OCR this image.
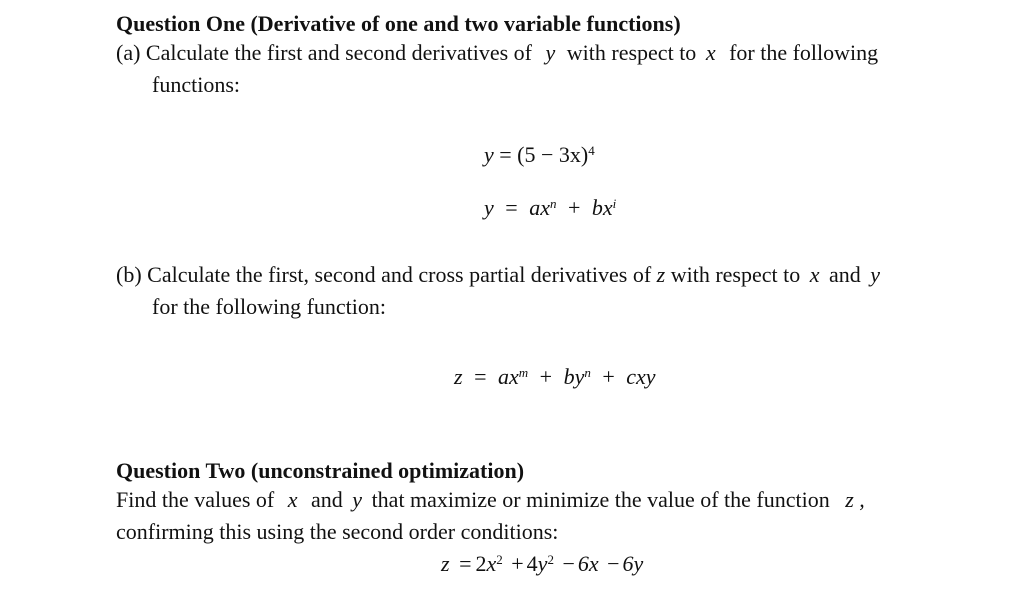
Question One (Derivative of one and two variable functions)
(a) Calculate the first and second derivatives of y with respect to x for the following
functions:
$y = (5 - 3x)^4$
$y = ax^n + bx^i$
(b) Calculate the first, second and cross partial derivatives of z with respect to x and y
for the following function:
$z = ax^m + by^n$ + cxy
Question Two (unconstrained optimization)
Find the values of x and y that maximize or minimize the value of the function z ,
confirming this using the second order conditions:
$z = 2x^2 + 4y^2 - 6x - 6y$
